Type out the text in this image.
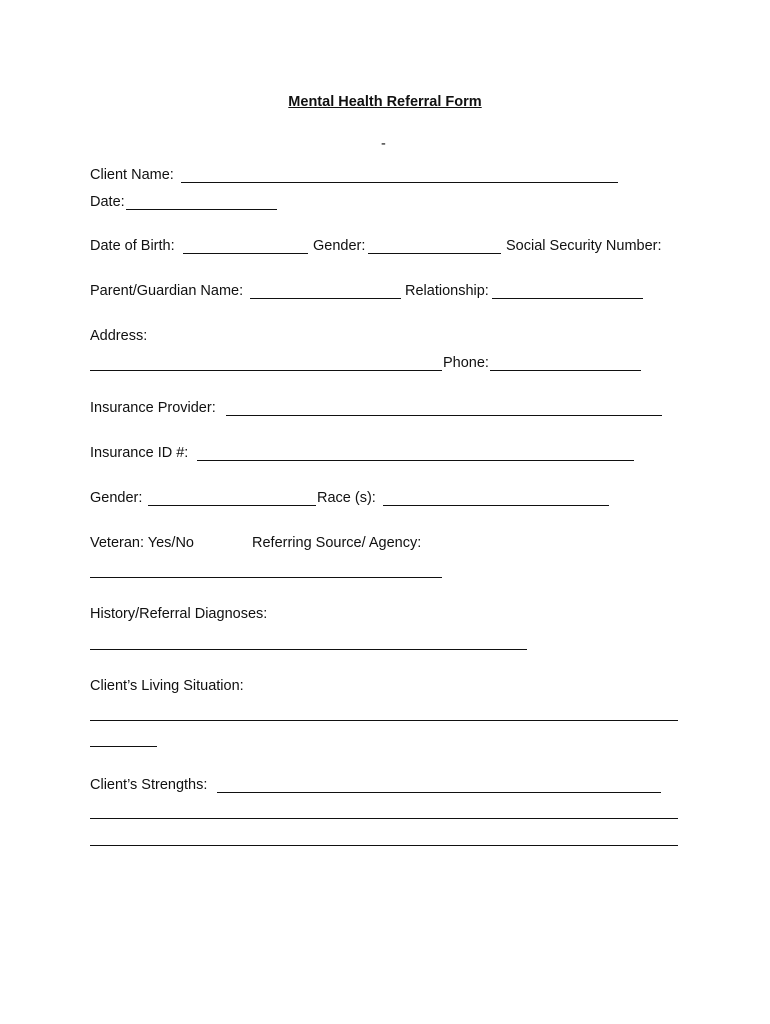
Mental Health Referral Form
-
Client Name:
Date:
Date of Birth:	Gender:	Social Security Number:
Parent/Guardian Name:	Relationship:
Address:
Phone:
Insurance Provider:
Insurance ID #:
Gender:	Race (s):
Veteran: Yes/No	Referring Source/ Agency:
History/Referral Diagnoses:
Client’s Living Situation:
Client’s Strengths:
